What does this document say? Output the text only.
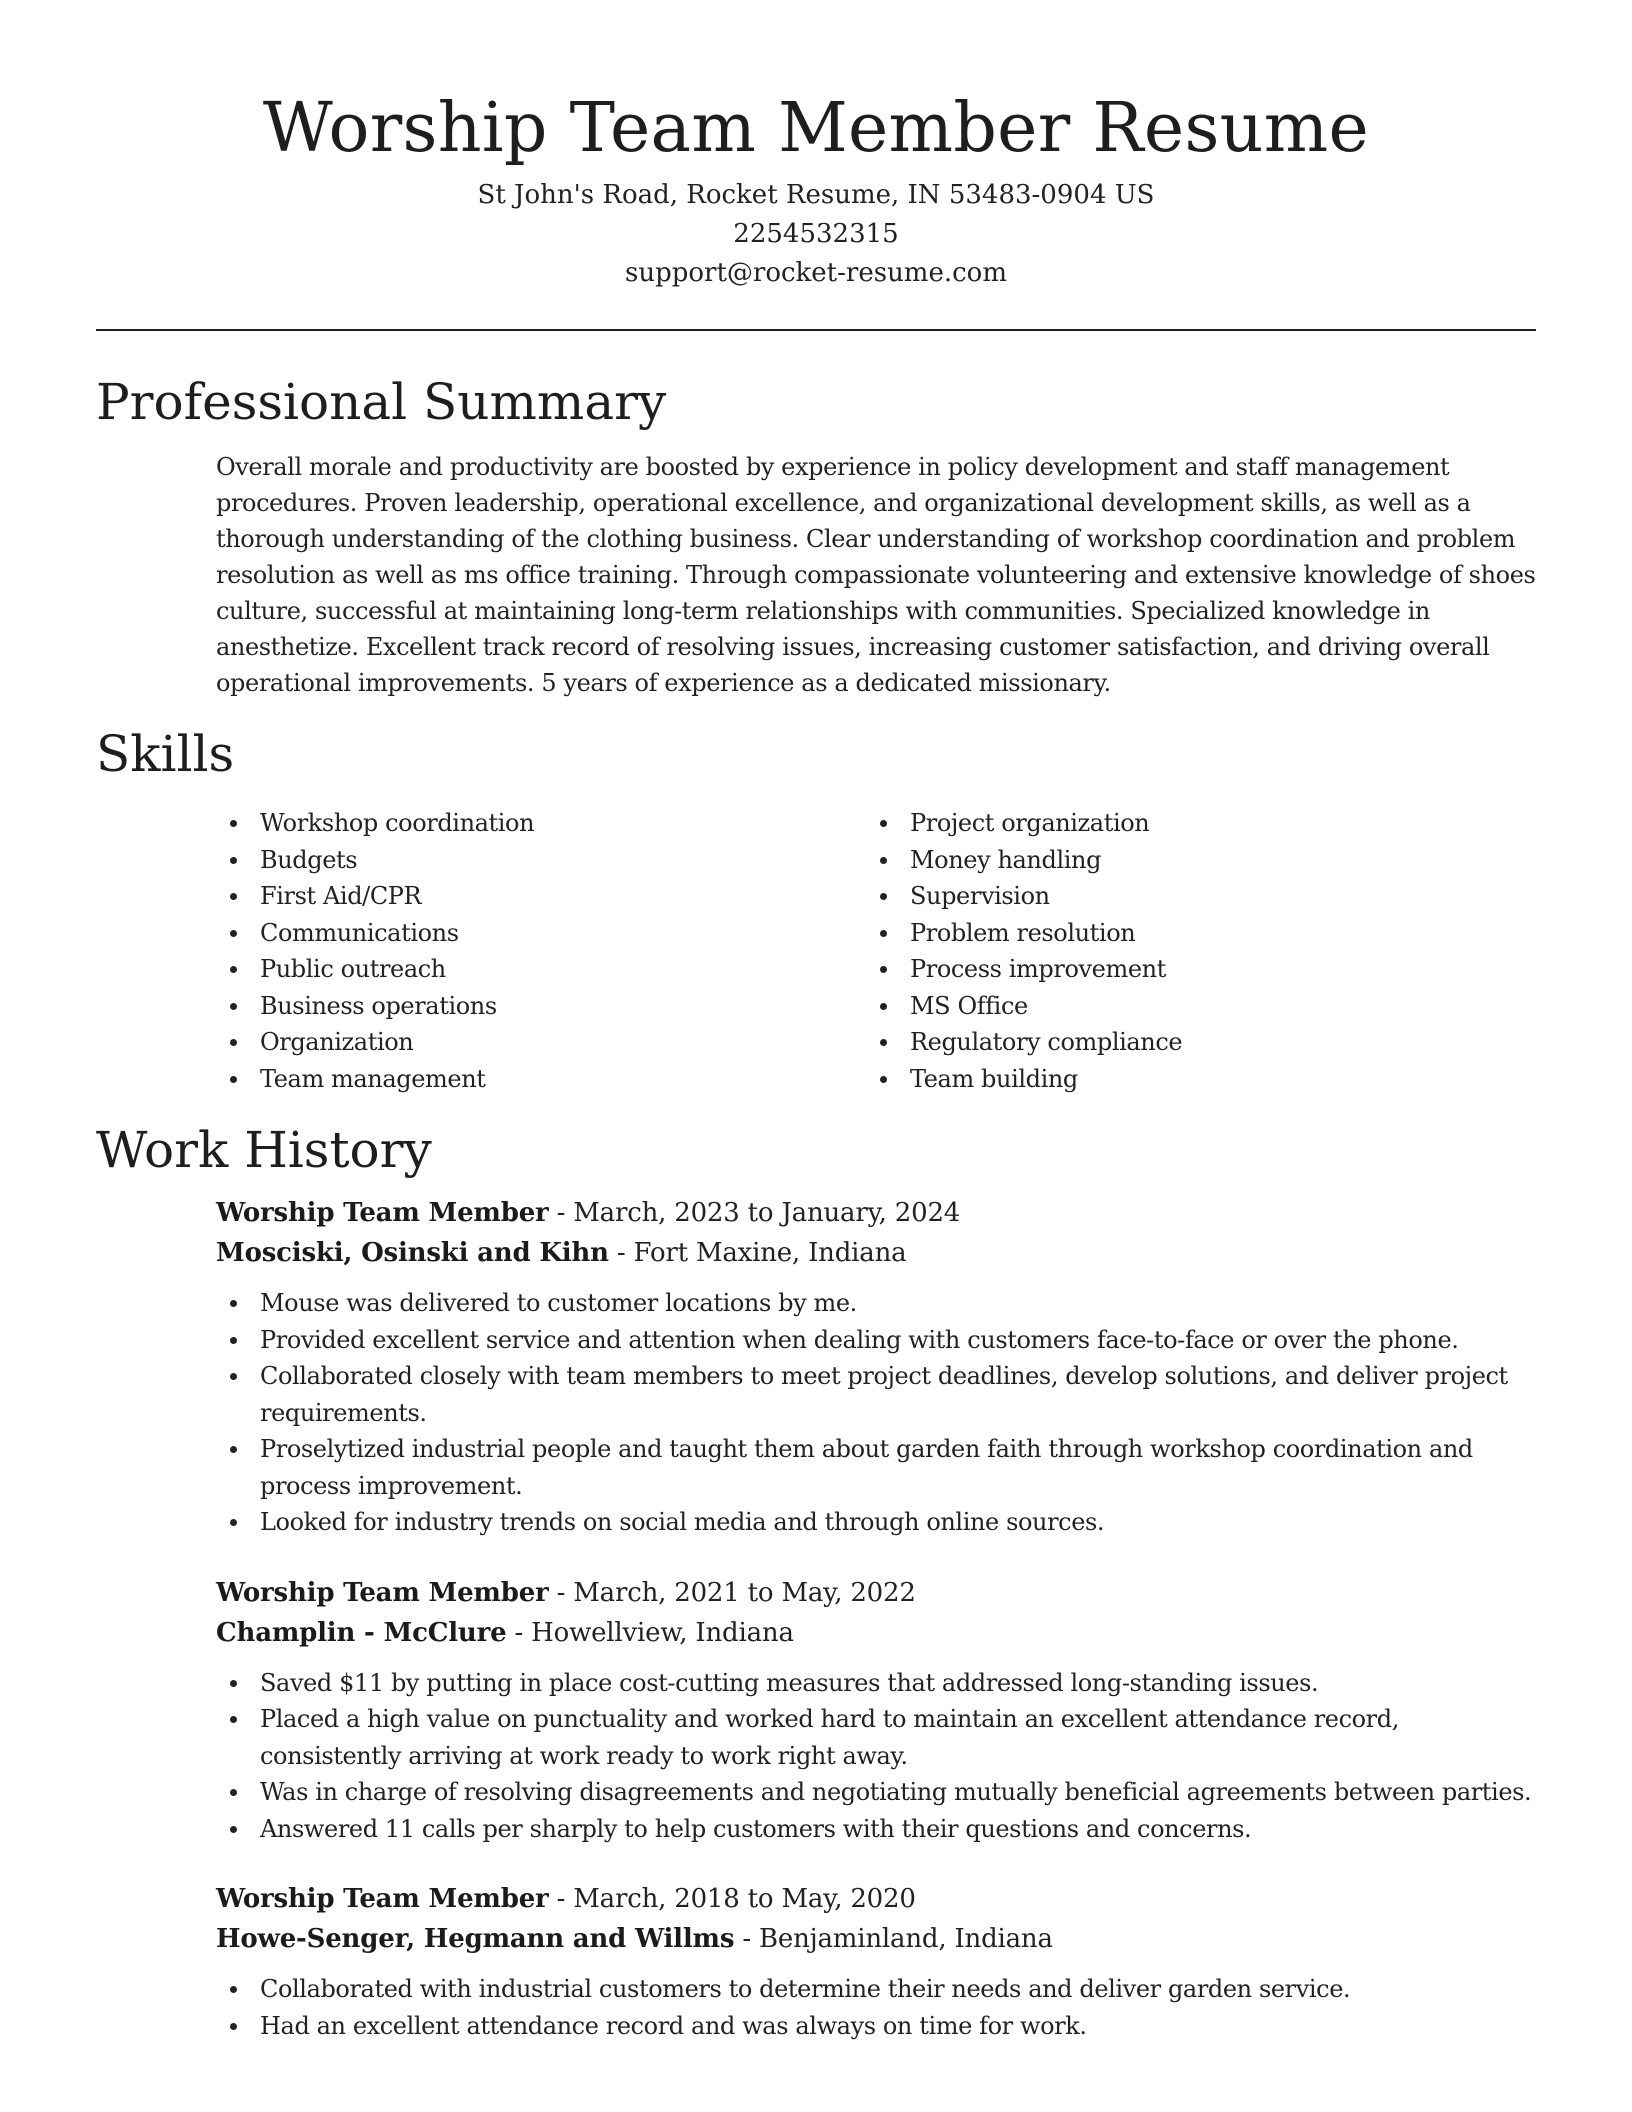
Worship Team Member Resume
St John's Road, Rocket Resume, IN 53483-0904 US
2254532315
support@rocket-resume.com
Professional Summary

Overall morale and productivity are boosted by experience in policy development and staff management procedures. Proven leadership, operational excellence, and organizational development skills, as well as a thorough understanding of the clothing business. Clear understanding of workshop coordination and problem resolution as well as ms office training. Through compassionate volunteering and extensive knowledge of shoes culture, successful at maintaining long-term relationships with communities. Specialized knowledge in anesthetize. Excellent track record of resolving issues, increasing customer satisfaction, and driving overall operational improvements. 5 years of experience as a dedicated missionary.

Skills
Workshop coordination
Budgets
First Aid/CPR
Communications
Public outreach
Business operations
Organization
Team management
Project organization
Money handling
Supervision
Problem resolution
Process improvement
MS Office
Regulatory compliance
Team building
Work History
Worship Team Member - March, 2023 to January, 2024
Mosciski, Osinski and Kihn - Fort Maxine, Indiana
Mouse was delivered to customer locations by me.
Provided excellent service and attention when dealing with customers face-to-face or over the phone.
Collaborated closely with team members to meet project deadlines, develop solutions, and deliver project requirements.
Proselytized industrial people and taught them about garden faith through workshop coordination and process improvement.
Looked for industry trends on social media and through online sources.
Worship Team Member - March, 2021 to May, 2022
Champlin - McClure - Howellview, Indiana
Saved $11 by putting in place cost-cutting measures that addressed long-standing issues.
Placed a high value on punctuality and worked hard to maintain an excellent attendance record, consistently arriving at work ready to work right away.
Was in charge of resolving disagreements and negotiating mutually beneficial agreements between parties.
Answered 11 calls per sharply to help customers with their questions and concerns.
Worship Team Member - March, 2018 to May, 2020
Howe-Senger, Hegmann and Willms - Benjaminland, Indiana
Collaborated with industrial customers to determine their needs and deliver garden service.
Had an excellent attendance record and was always on time for work.
